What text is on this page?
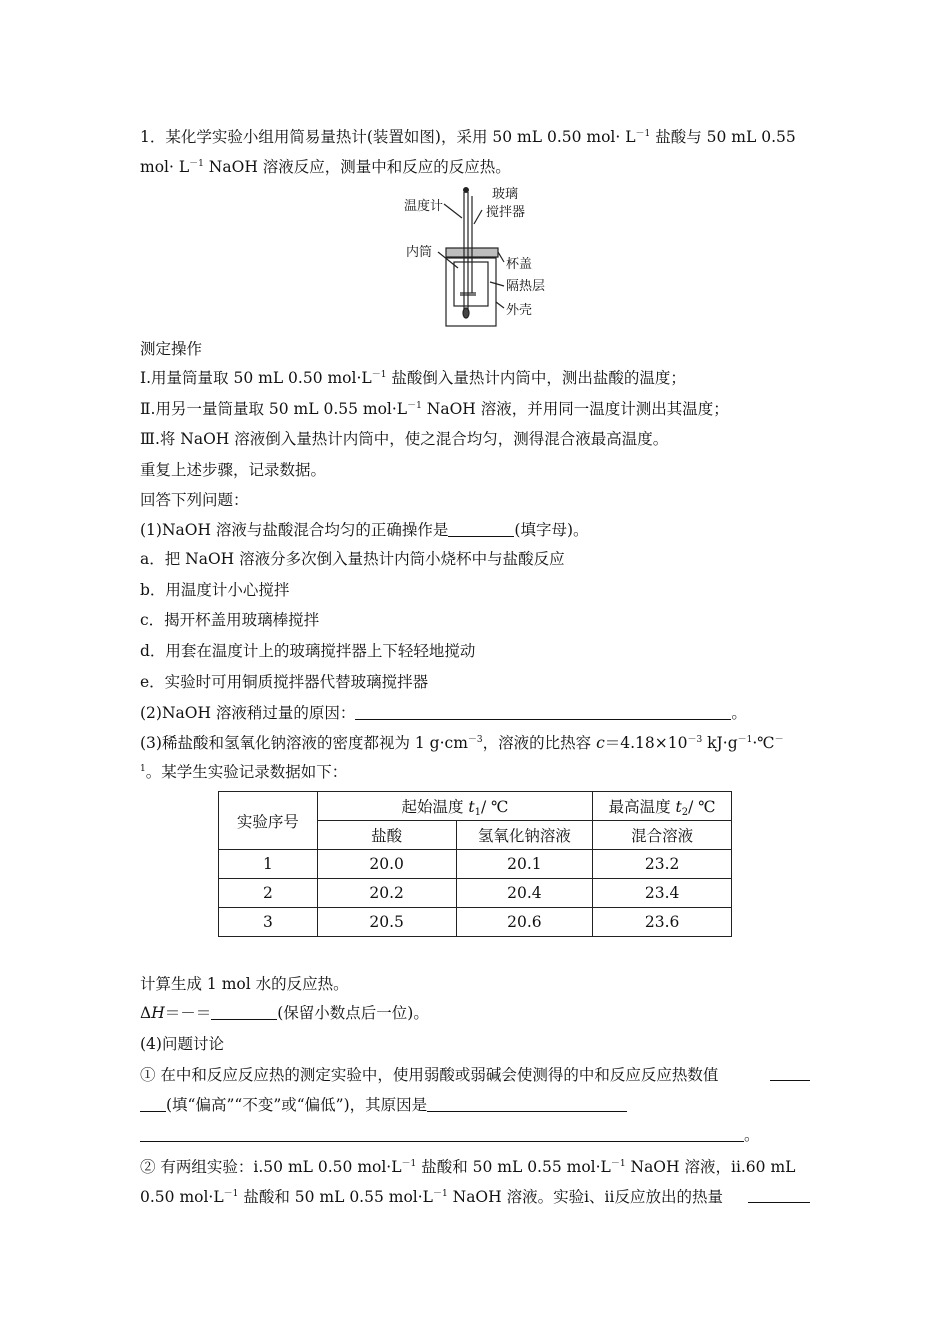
1．某化学实验小组用简易量热计(装置如图)，采用 50 mL 0.50 $mol\cdot L^{-1}$ 盐酸与 50 mL 0.55
$mol\cdot L^{-1}$ NaOH 溶液反应，测量中和反应的反应热。
温度计
玻璃
搅拌器
内筒
杯盖
隔热层
外壳
测定操作
Ⅰ.用量筒量取 50 mL 0.50 $mol\cdot L^{-1}$ 盐酸倒入量热计内筒中，测出盐酸的温度；
Ⅱ.用另一量筒量取 50 mL 0.55 $mol\cdot L^{-1}$ NaOH 溶液，并用同一温度计测出其温度；
Ⅲ.将 NaOH 溶液倒入量热计内筒中，使之混合均匀，测得混合液最高温度。
重复上述步骤，记录数据。
回答下列问题：
(1)NaOH 溶液与盐酸混合均匀的正确操作是	(填字母)。
a．把 NaOH 溶液分多次倒入量热计内筒小烧杯中与盐酸反应
b．用温度计小心搅拌
c．揭开杯盖用玻璃棒搅拌
d．用套在温度计上的玻璃搅拌器上下轻轻地搅动
e．实验时可用铜质搅拌器代替玻璃搅拌器
(2)NaOH 溶液稍过量的原因：	。
(3)稀盐酸和氢氧化钠溶液的密度都视为 1 $g\cdot cm^{-3}$，溶液的比热容 $c=4.18\times 10^{-3}$ $kJ\cdot g^{-1}\cdot℃^-$
$^1$。某学生实验记录数据如下：
实验序号	起始温度 $t_1/$ ℃		最高温度 $t_2/$ ℃
	盐酸	氢氧化钠溶液	混合溶液
1	20.0	20.1	23.2
2	20.2	20.4	23.4
3	20.5	20.6	23.6
计算生成 1 mol 水的反应热。
ΔH＝－＝	(保留小数点后一位)。
(4)问题讨论
① 在中和反应反应热的测定实验中，使用弱酸或弱碱会使测得的中和反应反应热数值
(填“偏高”“不变”或“偏低”)，其原因是
。
② 有两组实验：ⅰ.50 mL 0.50 $mol\cdot L^{-1}$ 盐酸和 50 mL 0.55 $mol\cdot L^{-1}$ NaOH 溶液，ⅱ.60 mL
0.50 $mol\cdot L^{-1}$ 盐酸和 50 mL 0.55 $mol\cdot L^{-1}$ NaOH 溶液。实验ⅰ、ⅱ反应放出的热量
